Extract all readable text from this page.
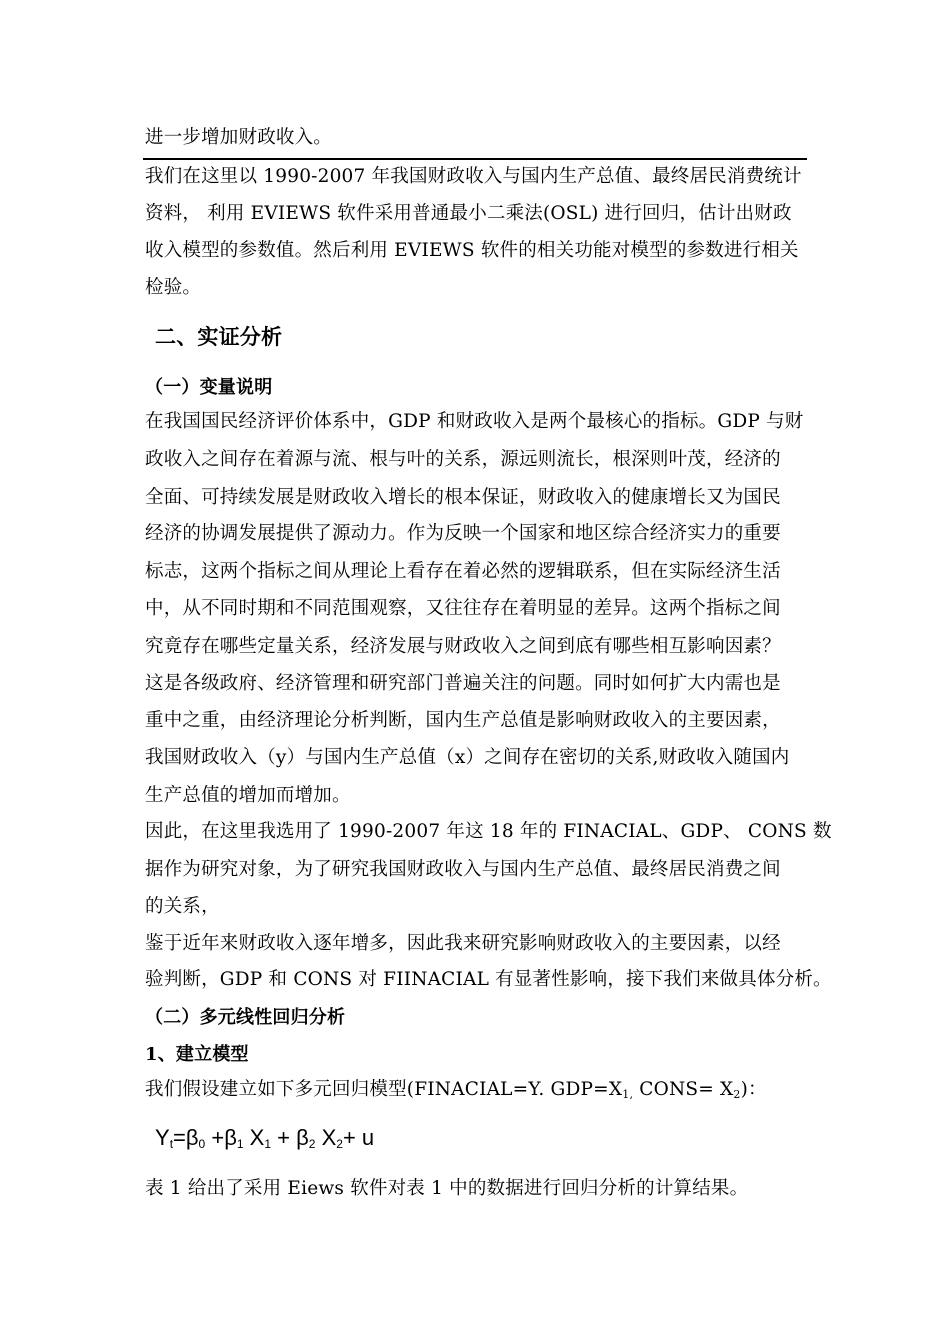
进一步增加财政收入。
我们在这里以 1990-2007 年我国财政收入与国内生产总值、最终居民消费统计
资料， 利用 EVIEWS 软件采用普通最小二乘法(OSL) 进行回归，估计出财政
收入模型的参数值。然后利用 EVIEWS 软件的相关功能对模型的参数进行相关
检验。
二、实证分析
（一）变量说明
在我国国民经济评价体系中，GDP 和财政收入是两个最核心的指标。GDP 与财
政收入之间存在着源与流、根与叶的关系，源远则流长，根深则叶茂，经济的
全面、可持续发展是财政收入增长的根本保证，财政收入的健康增长又为国民
经济的协调发展提供了源动力。作为反映一个国家和地区综合经济实力的重要
标志，这两个指标之间从理论上看存在着必然的逻辑联系，但在实际经济生活
中，从不同时期和不同范围观察，又往往存在着明显的差异。这两个指标之间
究竟存在哪些定量关系，经济发展与财政收入之间到底有哪些相互影响因素？
这是各级政府、经济管理和研究部门普遍关注的问题。同时如何扩大内需也是
重中之重，由经济理论分析判断，国内生产总值是影响财政收入的主要因素，
我国财政收入（y）与国内生产总值（x）之间存在密切的关系,财政收入随国内
生产总值的增加而增加。
因此，在这里我选用了 1990-2007 年这 18 年的 FINACIAL、GDP、 CONS 数
据作为研究对象，为了研究我国财政收入与国内生产总值、最终居民消费之间
的关系，
鉴于近年来财政收入逐年增多，因此我来研究影响财政收入的主要因素，以经
验判断，GDP 和 CONS 对 FIINACIAL 有显著性影响，接下我们来做具体分析。
（二）多元线性回归分析
1、建立模型
我们假设建立如下多元回归模型(FINACIAL=Y. $GDP=X_{1,}$ CONS= $X_2$)：
$Y_t=\beta_0 +\beta_1$ $X_1 + \beta_2$ $X_2+ u$
表 1 给出了采用 Eiews 软件对表 1 中的数据进行回归分析的计算结果。
